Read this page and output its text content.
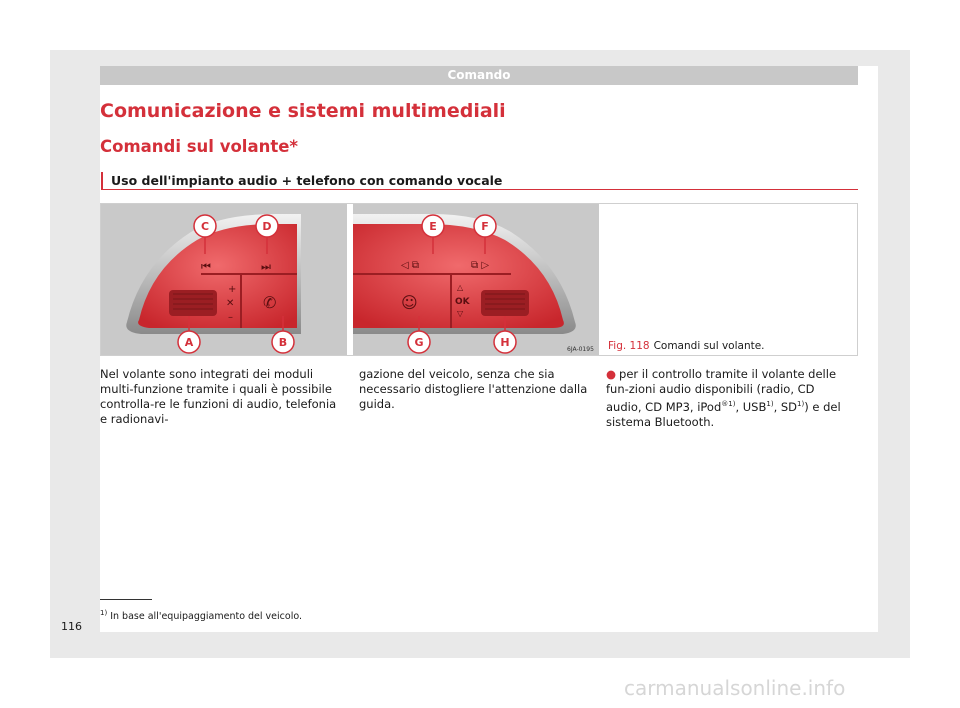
Comando
Comunicazione e sistemi multimediali
Comandi sul volante*
Uso dell'impianto audio + telefono con comando vocale
⏮	⏭
+
–
✕ ✆
C	D
A	B
◁ ⧉	⧉ ▷
☺
△
OK
▽
E	F
G	H
6JA-0195 Fig. 118 Comandi sul volante.

Nel volante sono integrati dei moduli multi-funzione tramite i quali è possibile controlla-re le funzioni di audio, telefonia e radionavi-

gazione del veicolo, senza che sia necessario distogliere l'attenzione dalla guida.

● per il controllo tramite il volante delle fun-zioni audio disponibili (radio, CD audio, CD MP3, iPod$^{®1)}$, USB$^{1)}$, SD$^{1)}$) e del sistema Bluetooth.

$^{1)}$ In base all'equipaggiamento del veicolo.
116
carmanualsonline.info
